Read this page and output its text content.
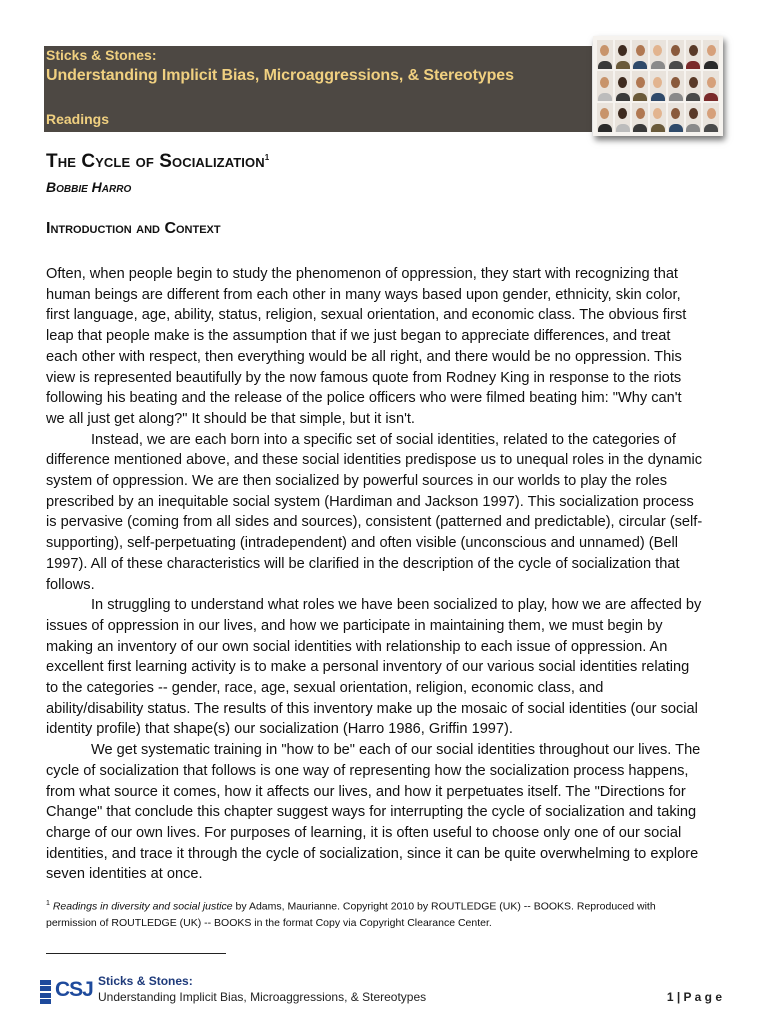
Sticks & Stones:
Understanding Implicit Bias, Microaggressions, & Stereotypes
Readings
The Cycle of Socialization$^1$
Bobbie Harro
Introduction and Context

Often, when people begin to study the phenomenon of oppression, they start with recognizing that

human beings are different from each other in many ways based upon gender, ethnicity, skin color,

first language, age, ability, status, religion, sexual orientation, and economic class. The obvious first

leap that people make is the assumption that if we just began to appreciate differences, and treat

each other with respect, then everything would be all right, and there would be no oppression. This

view is represented beautifully by the now famous quote from Rodney King in response to the riots

following his beating and the release of the police officers who were filmed beating him: "Why can't

we all just get along?" It should be that simple, but it isn't.

Instead, we are each born into a specific set of social identities, related to the categories of

difference mentioned above, and these social identities predispose us to unequal roles in the dynamic

system of oppression. We are then socialized by powerful sources in our worlds to play the roles

prescribed by an inequitable social system (Hardiman and Jackson 1997). This socialization process

is pervasive (coming from all sides and sources), consistent (patterned and predictable), circular (self-

supporting), self-perpetuating (intradependent) and often visible (unconscious and unnamed) (Bell

1997). All of these characteristics will be clarified in the description of the cycle of socialization that

follows.

In struggling to understand what roles we have been socialized to play, how we are affected by

issues of oppression in our lives, and how we participate in maintaining them, we must begin by

making an inventory of our own social identities with relationship to each issue of oppression. An

excellent first learning activity is to make a personal inventory of our various social identities relating

to the categories -- gender, race, age, sexual orientation, religion, economic class, and

ability/disability status. The results of this inventory make up the mosaic of social identities (our social

identity profile) that shape(s) our socialization (Harro 1986, Griffin 1997).

We get systematic training in "how to be" each of our social identities throughout our lives. The

cycle of socialization that follows is one way of representing how the socialization process happens,

from what source it comes, how it affects our lives, and how it perpetuates itself. The "Directions for

Change" that conclude this chapter suggest ways for interrupting the cycle of socialization and taking

charge of our own lives. For purposes of learning, it is often useful to choose only one of our social

identities, and trace it through the cycle of socialization, since it can be quite overwhelming to explore

seven identities at once.

$^1$ Readings in diversity and social justice by Adams, Maurianne. Copyright 2010 by ROUTLEDGE (UK) -- BOOKS. Reproduced with

permission of ROUTLEDGE (UK) -- BOOKS in the format Copy via Copyright Clearance Center.

CSJ Sticks & Stones:
Understanding Implicit Bias, Microaggressions, & Stereotypes	1 | P a g e
